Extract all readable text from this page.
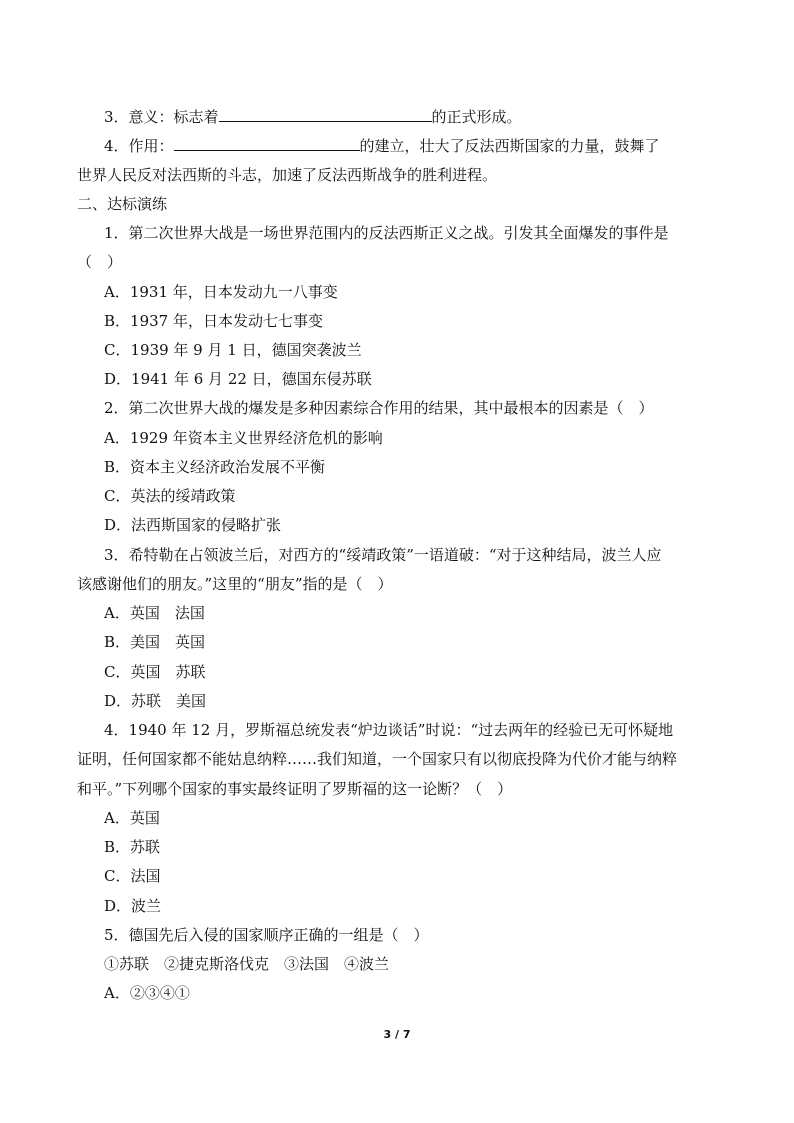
3．意义：标志着	的正式形成。
4．作用：	的建立，壮大了反法西斯国家的力量，鼓舞了
世界人民反对法西斯的斗志，加速了反法西斯战争的胜利进程。
二、达标演练
1．第二次世界大战是一场世界范围内的反法西斯正义之战。引发其全面爆发的事件是
（　）
A．1931 年，日本发动九一八事变
B．1937 年，日本发动七七事变
C．1939 年 9 月 1 日，德国突袭波兰
D．1941 年 6 月 22 日，德国东侵苏联
2．第二次世界大战的爆发是多种因素综合作用的结果，其中最根本的因素是（　）
A．1929 年资本主义世界经济危机的影响
B．资本主义经济政治发展不平衡
C．英法的绥靖政策
D．法西斯国家的侵略扩张
3．希特勒在占领波兰后，对西方的“绥靖政策”一语道破：“对于这种结局，波兰人应
该感谢他们的朋友。”这里的“朋友”指的是（　）
A．英国　法国
B．美国　英国
C．英国　苏联
D．苏联　美国
4．1940 年 12 月，罗斯福总统发表“炉边谈话”时说：“过去两年的经验已无可怀疑地
证明，任何国家都不能姑息纳粹……我们知道，一个国家只有以彻底投降为代价才能与纳粹
和平。”下列哪个国家的事实最终证明了罗斯福的这一论断？（　）
A．英国
B．苏联
C．法国
D．波兰
5．德国先后入侵的国家顺序正确的一组是（　）
①苏联　②捷克斯洛伐克　③法国　④波兰
A．②③④①
3 / 7
